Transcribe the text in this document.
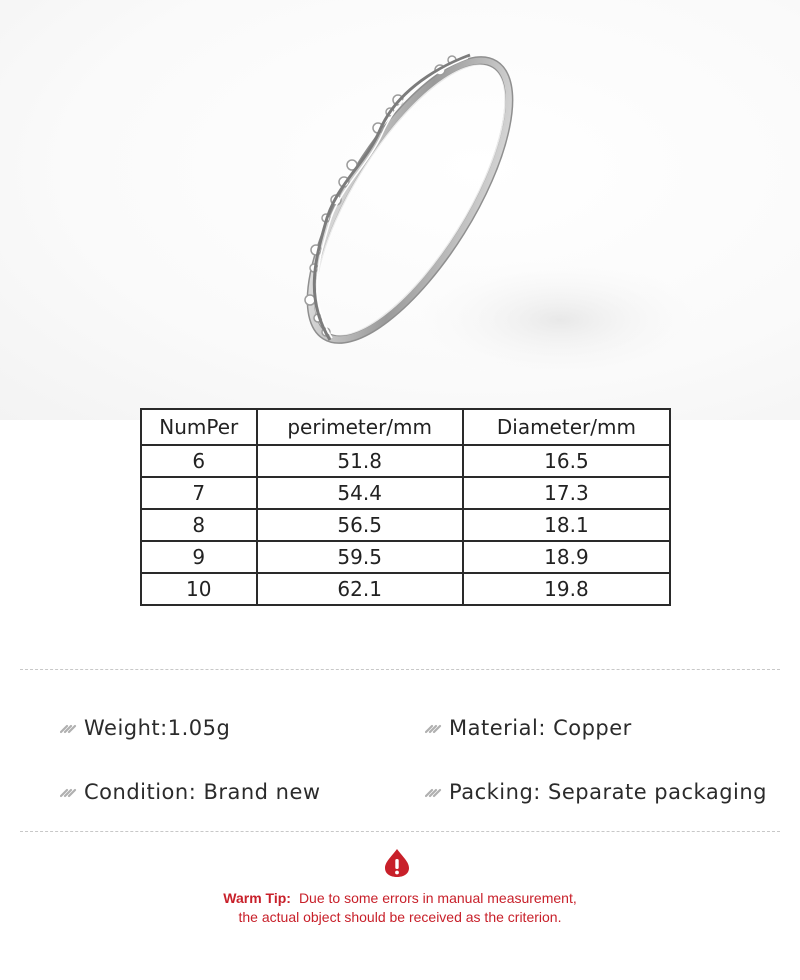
NumPer	perimeter/mm	Diameter/mm
6	51.8	16.5
7	54.4	17.3
8	56.5	18.1
9	59.5	18.9
10	62.1	19.8
Weight:1.05g	Material: Copper
Condition: Brand new	Packing: Separate packaging
Warm Tip: Due to some errors in manual measurement,
the actual object should be received as the criterion.
